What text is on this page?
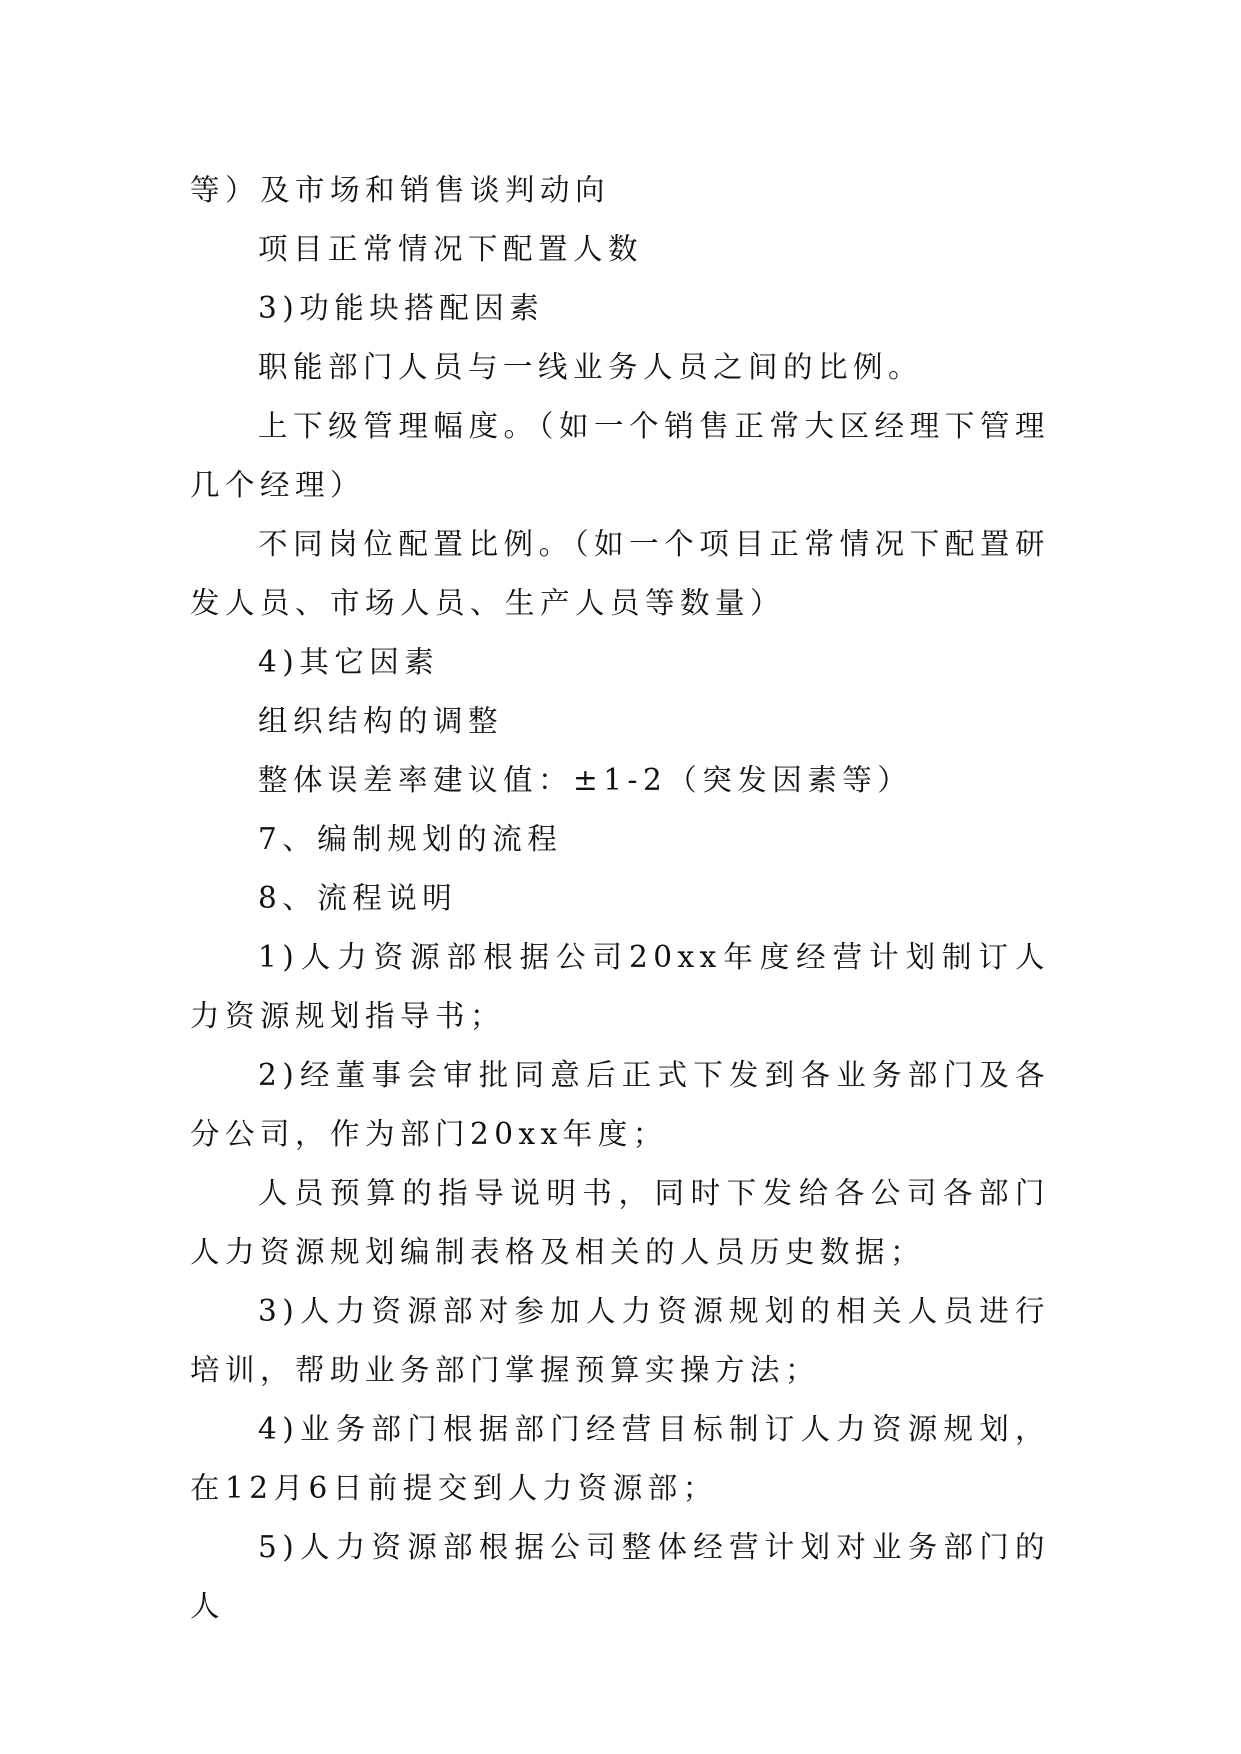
等）及市场和销售谈判动向

项目正常情况下配置人数

3)功能块搭配因素

职能部门人员与一线业务人员之间的比例。

上下级管理幅度。（如一个销售正常大区经理下管理几个经理）

不同岗位配置比例。（如一个项目正常情况下配置研发人员、市场人员、生产人员等数量）

4)其它因素

组织结构的调整

整体误差率建议值：±1-2（突发因素等）

7、编制规划的流程

8、流程说明

1)人力资源部根据公司20xx年度经营计划制订人力资源规划指导书；

2)经董事会审批同意后正式下发到各业务部门及各分公司，作为部门20xx年度；

人员预算的指导说明书，同时下发给各公司各部门人力资源规划编制表格及相关的人员历史数据；

3)人力资源部对参加人力资源规划的相关人员进行培训，帮助业务部门掌握预算实操方法；

4)业务部门根据部门经营目标制订人力资源规划，在12月6日前提交到人力资源部；

5)人力资源部根据公司整体经营计划对业务部门的人
